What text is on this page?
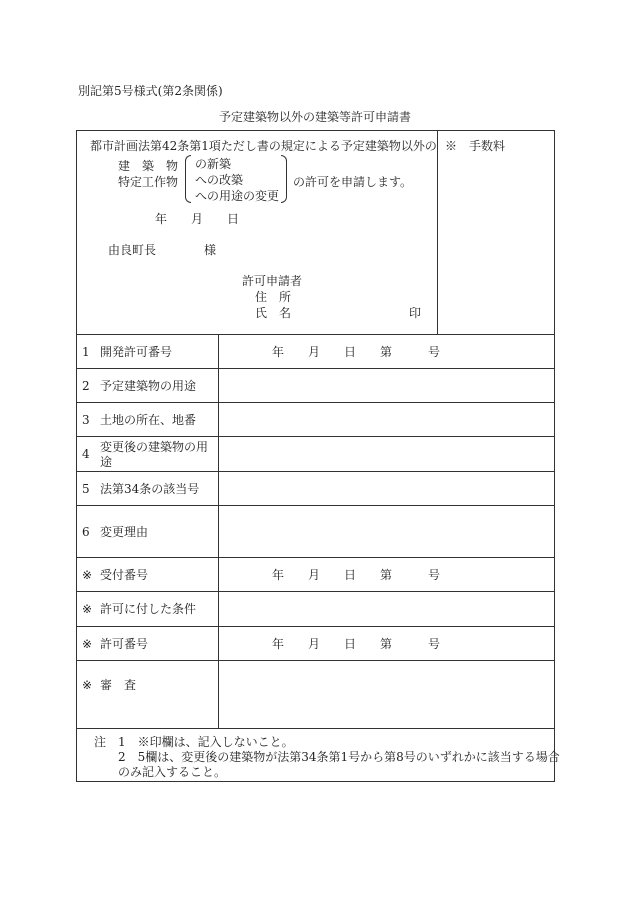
別記第5号様式(第2条関係)
予定建築物以外の建築等許可申請書
都市計画法第42条第1項ただし書の規定による予定建築物以外の
建　築　物
特定工作物
の新築
への改築
への用途の変更
の許可を申請します。
年　　月　　日
由良町長　　　　様
許可申請者
住　所
氏　名	印
※　手数料
1 開発許可番号	年　　月　　日　　第　　　号
2 予定建築物の用途
3 土地の所在、地番
4 変更後の建築物の用
途
5 法第34条の該当号
6 変更理由
※ 受付番号	年　　月　　日　　第　　　号
※ 許可に付した条件
※ 許可番号	年　　月　　日　　第　　　号
※ 審　査
注 1　※印欄は、記入しないこと。
2　5欄は、変更後の建築物が法第34条第1号から第8号のいずれかに該当する場合
のみ記入すること。
